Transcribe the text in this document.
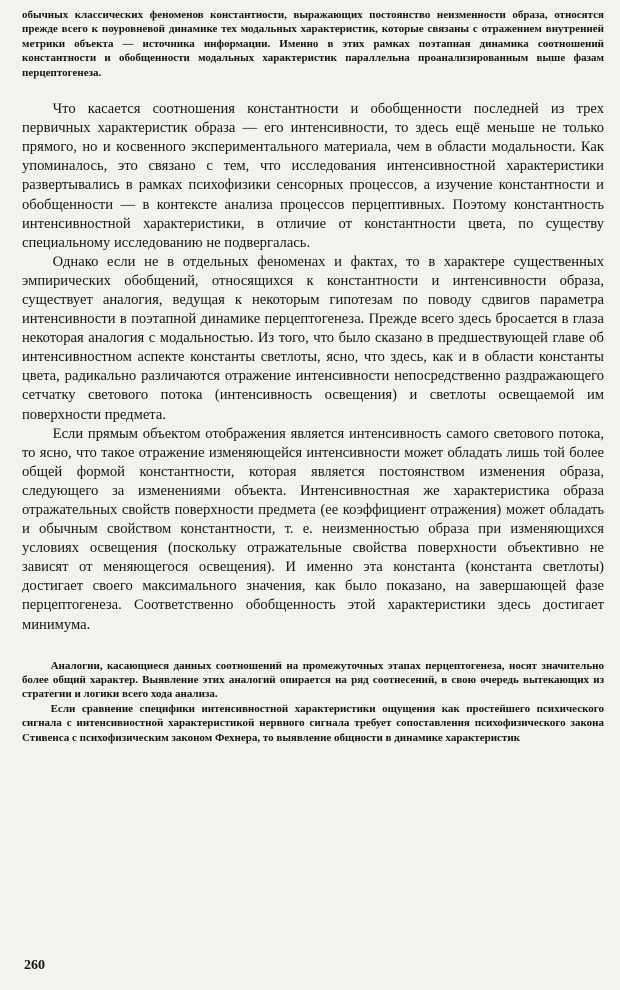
обычных классических феноменов константности, выражающих постоянство неизменности образа, относятся прежде всего к поуровневой динамике тех модальных характеристик, которые связаны с отражением внутренней метрики объекта — источника информации. Именно в этих рамках поэтапная динамика соотношений константности и обобщенности модальных характеристик параллельна проанализированным выше фазам перцептогенеза.

Что касается соотношения константности и обобщенности последней из трех первичных характеристик образа — его интенсивности, то здесь ещё меньше не только прямого, но и косвенного экспериментального материала, чем в области модальности. Как упоминалось, это связано с тем, что исследования интенсивностной характеристики развертывались в рамках психофизики сенсорных процессов, а изучение константности и обобщенности — в контексте анализа процессов перцептивных. Поэтому константность интенсивностной характеристики, в отличие от константности цвета, по существу специальному исследованию не подвергалась.

Однако если не в отдельных феноменах и фактах, то в характере существенных эмпирических обобщений, относящихся к константности и интенсивности образа, существует аналогия, ведущая к некоторым гипотезам по поводу сдвигов параметра интенсивности в поэтапной динамике перцептогенеза. Прежде всего здесь бросается в глаза некоторая аналогия с модальностью. Из того, что было сказано в предшествующей главе об интенсивностном аспекте константы светлоты, ясно, что здесь, как и в области константы цвета, радикально различаются отражение интенсивности непосредственно раздражающего сетчатку светового потока (интенсивность освещения) и светлоты освещаемой им поверхности предмета.

Если прямым объектом отображения является интенсивность самого светового потока, то ясно, что такое отражение изменяющейся интенсивности может обладать лишь той более общей формой константности, которая является постоянством изменения образа, следующего за изменениями объекта. Интенсивностная же характеристика образа отражательных свойств поверхности предмета (ее коэффициент отражения) может обладать и обычным свойством константности, т. е. неизменностью образа при изменяющихся условиях освещения (поскольку отражательные свойства поверхности объективно не зависят от меняющегося освещения). И именно эта константа (константа светлоты) достигает своего максимального значения, как было показано, на завершающей фазе перцептогенеза. Соответственно обобщенность этой характеристики здесь достигает минимума.

Аналогии, касающиеся данных соотношений на промежуточных этапах перцептогенеза, носят значительно более общий характер. Выявление этих аналогий опирается на ряд соотнесений, в свою очередь вытекающих из стратегии и логики всего хода анализа.

Если сравнение специфики интенсивностной характеристики ощущения как простейшего психического сигнала с интенсивностной характеристикой нервного сигнала требует сопоставления психофизического закона Стивенса с психофизическим законом Фехнера, то выявление общности в динамике характеристик

260
